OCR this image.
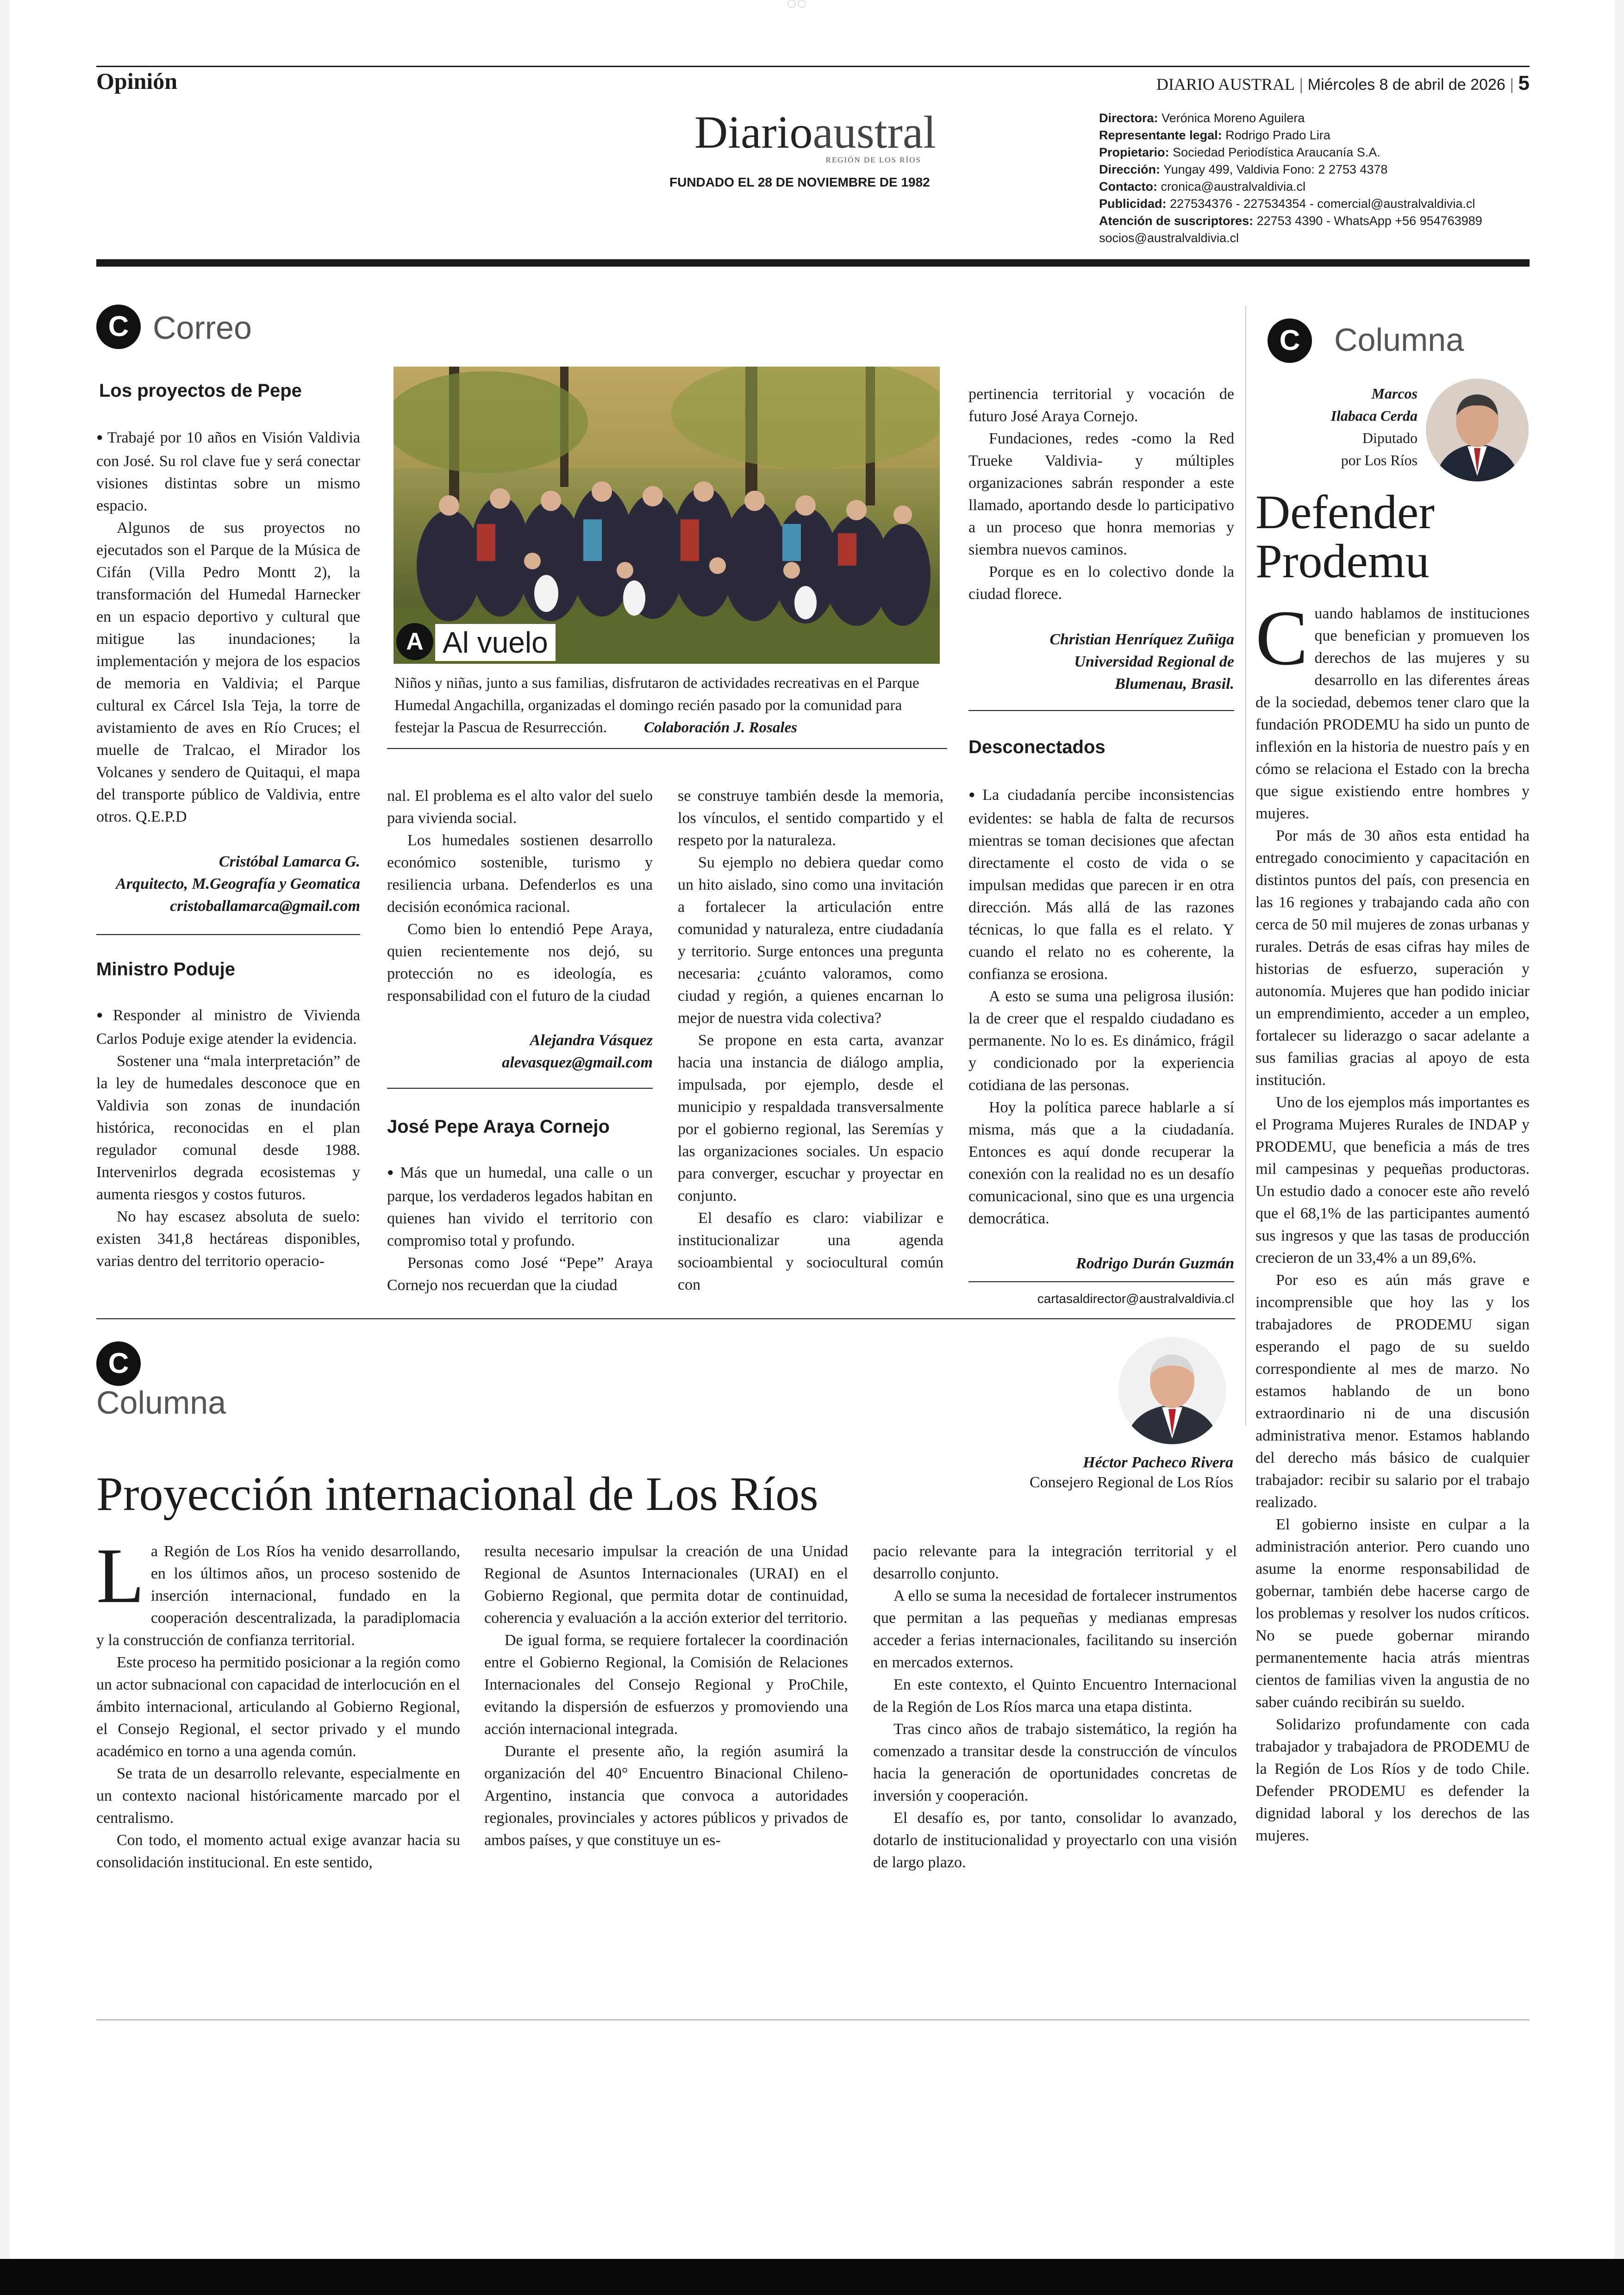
Opinión	DIARIO AUSTRAL | Miércoles 8 de abril de 2026 | 5
Diarioaustral
REGIÓN DE LOS RÍOS
FUNDADO EL 28 DE NOVIEMBRE DE 1982
Directora: Verónica Moreno Aguilera
Representante legal: Rodrigo Prado Lira
Propietario: Sociedad Periodística Araucanía S.A.
Dirección: Yungay 499, Valdivia Fono: 2 2753 4378
Contacto: cronica@australvaldivia.cl
Publicidad: 227534376 - 227534354 - comercial@australvaldivia.cl
Atención de suscriptores: 22753 4390 - WhatsApp +56 954763989
socios@australvaldivia.cl
C Correo
Los proyectos de Pepe

● Trabajé por 10 años en Visión Valdivia con José. Su rol clave fue y será conectar visiones distintas sobre un mismo espacio.

Algunos de sus proyectos no ejecutados son el Parque de la Música de Cifán (Villa Pedro Montt 2), la transformación del Humedal Harnecker en un espacio deportivo y cultural que mitigue las inundaciones; la implementación y mejora de los espacios de memoria en Valdivia; el Parque cultural ex Cárcel Isla Teja, la torre de avistamiento de aves en Río Cruces; el muelle de Tralcao, el Mirador los Volcanes y sendero de Quitaqui, el mapa del transporte público de Valdivia, entre otros. Q.E.P.D

Cristóbal Lamarca G.
Arquitecto, M.Geografía y Geomatica
cristoballamarca@gmail.com
Ministro Poduje

● Responder al ministro de Vivienda Carlos Poduje exige atender la evidencia.

Sostener una “mala interpretación” de la ley de humedales desconoce que en Valdivia son zonas de inundación histórica, reconocidas en el plan regulador comunal desde 1988. Intervenirlos degrada ecosistemas y aumenta riesgos y costos futuros.

No hay escasez absoluta de suelo: existen 341,8 hectáreas disponibles, varias dentro del territorio operacio-

A Al vuelo
Niños y niñas, junto a sus familias, disfrutaron de actividades recreativas en el Parque Humedal Angachilla, organizadas el domingo recién pasado por la comunidad para festejar la Pascua de Resurrección. Colaboración J. Rosales

nal. El problema es el alto valor del suelo para vivienda social.

Los humedales sostienen desarrollo económico sostenible, turismo y resiliencia urbana. Defenderlos es una decisión económica racional.

Como bien lo entendió Pepe Araya, quien recientemente nos dejó, su protección no es ideología, es responsabilidad con el futuro de la ciudad

Alejandra Vásquez
alevasquez@gmail.com
José Pepe Araya Cornejo

● Más que un humedal, una calle o un parque, los verdaderos legados habitan en quienes han vivido el territorio con compromiso total y profundo.

Personas como José “Pepe” Araya Cornejo nos recuerdan que la ciudad

se construye también desde la memoria, los vínculos, el sentido compartido y el respeto por la naturaleza.

Su ejemplo no debiera quedar como un hito aislado, sino como una invitación a fortalecer la articulación entre comunidad y naturaleza, entre ciudadanía y territorio. Surge entonces una pregunta necesaria: ¿cuánto valoramos, como ciudad y región, a quienes encarnan lo mejor de nuestra vida colectiva?

Se propone en esta carta, avanzar hacia una instancia de diálogo amplia, impulsada, por ejemplo, desde el municipio y respaldada transversalmente por el gobierno regional, las Seremías y las organizaciones sociales. Un espacio para converger, escuchar y proyectar en conjunto.

El desafío es claro: viabilizar e institucionalizar una agenda socioambiental y sociocultural común con

pertinencia territorial y vocación de futuro José Araya Cornejo.

Fundaciones, redes -como la Red Trueke Valdivia- y múltiples organizaciones sabrán responder a este llamado, aportando desde lo participativo a un proceso que honra memorias y siembra nuevos caminos.

Porque es en lo colectivo donde la ciudad florece.

Christian Henríquez Zuñiga
Universidad Regional de
Blumenau, Brasil.
Desconectados

● La ciudadanía percibe inconsistencias evidentes: se habla de falta de recursos mientras se toman decisiones que afectan directamente el costo de vida o se impulsan medidas que parecen ir en otra dirección. Más allá de las razones técnicas, lo que falla es el relato. Y cuando el relato no es coherente, la confianza se erosiona.

A esto se suma una peligrosa ilusión: la de creer que el respaldo ciudadano es permanente. No lo es. Es dinámico, frágil y condicionado por la experiencia cotidiana de las personas.

Hoy la política parece hablarle a sí misma, más que a la ciudadanía. Entonces es aquí donde recuperar la conexión con la realidad no es un desafío comunicacional, sino que es una urgencia democrática.

Rodrigo Durán Guzmán
cartasaldirector@australvaldivia.cl
C	Columna
Marcos
Ilabaca Cerda
Diputado
por Los Ríos
Defender
Prodemu

Cuando hablamos de instituciones que benefician y promueven los derechos de las mujeres y su desarrollo en las diferentes áreas de la sociedad, debemos tener claro que la fundación PRODEMU ha sido un punto de inflexión en la historia de nuestro país y en cómo se relaciona el Estado con la brecha que sigue existiendo entre hombres y mujeres.

Por más de 30 años esta entidad ha entregado conocimiento y capacitación en distintos puntos del país, con presencia en las 16 regiones y trabajando cada año con cerca de 50 mil mujeres de zonas urbanas y rurales. Detrás de esas cifras hay miles de historias de esfuerzo, superación y autonomía. Mujeres que han podido iniciar un emprendimiento, acceder a un empleo, fortalecer su liderazgo o sacar adelante a sus familias gracias al apoyo de esta institución.

Uno de los ejemplos más importantes es el Programa Mujeres Rurales de INDAP y PRODEMU, que beneficia a más de tres mil campesinas y pequeñas productoras. Un estudio dado a conocer este año reveló que el 68,1% de las participantes aumentó sus ingresos y que las tasas de producción crecieron de un 33,4% a un 89,6%.

Por eso es aún más grave e incomprensible que hoy las y los trabajadores de PRODEMU sigan esperando el pago de su sueldo correspondiente al mes de marzo. No estamos hablando de un bono extraordinario ni de una discusión administrativa menor. Estamos hablando del derecho más básico de cualquier trabajador: recibir su salario por el trabajo realizado.

El gobierno insiste en culpar a la administración anterior. Pero cuando uno asume la enorme responsabilidad de gobernar, también debe hacerse cargo de los problemas y resolver los nudos críticos. No se puede gobernar mirando permanentemente hacia atrás mientras cientos de familias viven la angustia de no saber cuándo recibirán su sueldo.

Solidarizo profundamente con cada trabajador y trabajadora de PRODEMU de la Región de Los Ríos y de todo Chile. Defender PRODEMU es defender la dignidad laboral y los derechos de las mujeres.

C
Columna
Héctor Pacheco Rivera
Consejero Regional de Los Ríos
Proyección internacional de Los Ríos

La Región de Los Ríos ha venido desarrollando, en los últimos años, un proceso sostenido de inserción internacional, fundado en la cooperación descentralizada, la paradiplomacia y la construcción de confianza territorial.

Este proceso ha permitido posicionar a la región como un actor subnacional con capacidad de interlocución en el ámbito internacional, articulando al Gobierno Regional, el Consejo Regional, el sector privado y el mundo académico en torno a una agenda común.

Se trata de un desarrollo relevante, especialmente en un contexto nacional históricamente marcado por el centralismo.

Con todo, el momento actual exige avanzar hacia su consolidación institucional. En este sentido,

resulta necesario impulsar la creación de una Unidad Regional de Asuntos Internacionales (URAI) en el Gobierno Regional, que permita dotar de continuidad, coherencia y evaluación a la acción exterior del territorio.

De igual forma, se requiere fortalecer la coordinación entre el Gobierno Regional, la Comisión de Relaciones Internacionales del Consejo Regional y ProChile, evitando la dispersión de esfuerzos y promoviendo una acción internacional integrada.

Durante el presente año, la región asumirá la organización del 40° Encuentro Binacional Chileno-Argentino, instancia que convoca a autoridades regionales, provinciales y actores públicos y privados de ambos países, y que constituye un es-

pacio relevante para la integración territorial y el desarrollo conjunto.

A ello se suma la necesidad de fortalecer instrumentos que permitan a las pequeñas y medianas empresas acceder a ferias internacionales, facilitando su inserción en mercados externos.

En este contexto, el Quinto Encuentro Internacional de la Región de Los Ríos marca una etapa distinta.

Tras cinco años de trabajo sistemático, la región ha comenzado a transitar desde la construcción de vínculos hacia la generación de oportunidades concretas de inversión y cooperación.

El desafío es, por tanto, consolidar lo avanzado, dotarlo de institucionalidad y proyectarlo con una visión de largo plazo.
